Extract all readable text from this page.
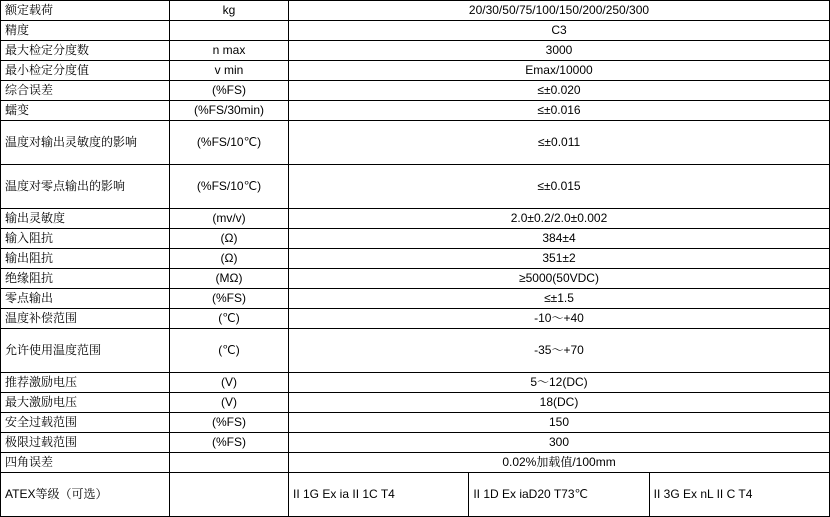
额定载荷	kg	20/30/50/75/100/150/200/250/300		
精度		C3		
最大检定分度数	n max	3000		
最小检定分度值	v min	Emax/10000		
综合误差	(%FS)	≤±0.020		
蠕变	(%FS/30min)	≤±0.016		
温度对输出灵敏度的影响	(%FS/10℃)	≤±0.011		
温度对零点输出的影响	(%FS/10℃)	≤±0.015		
输出灵敏度	(mv/v)	2.0±0.2/2.0±0.002		
输入阻抗	(Ω)	384±4		
输出阻抗	(Ω)	351±2		
绝缘阻抗	(MΩ)	≥5000(50VDC)		
零点输出	(%FS)	≤±1.5		
温度补偿范围	(℃)	-10～+40		
允许使用温度范围	(℃)	-35～+70		
推荐激励电压	(V)	5～12(DC)		
最大激励电压	(V)	18(DC)		
安全过载范围	(%FS)	150		
极限过载范围	(%FS)	300		
四角误差		0.02%加载值/100mm		
ATEX等级（可选）		II 1G Ex ia II 1C T4	II 1D Ex iaD20 T73℃	II 3G Ex nL II C T4
